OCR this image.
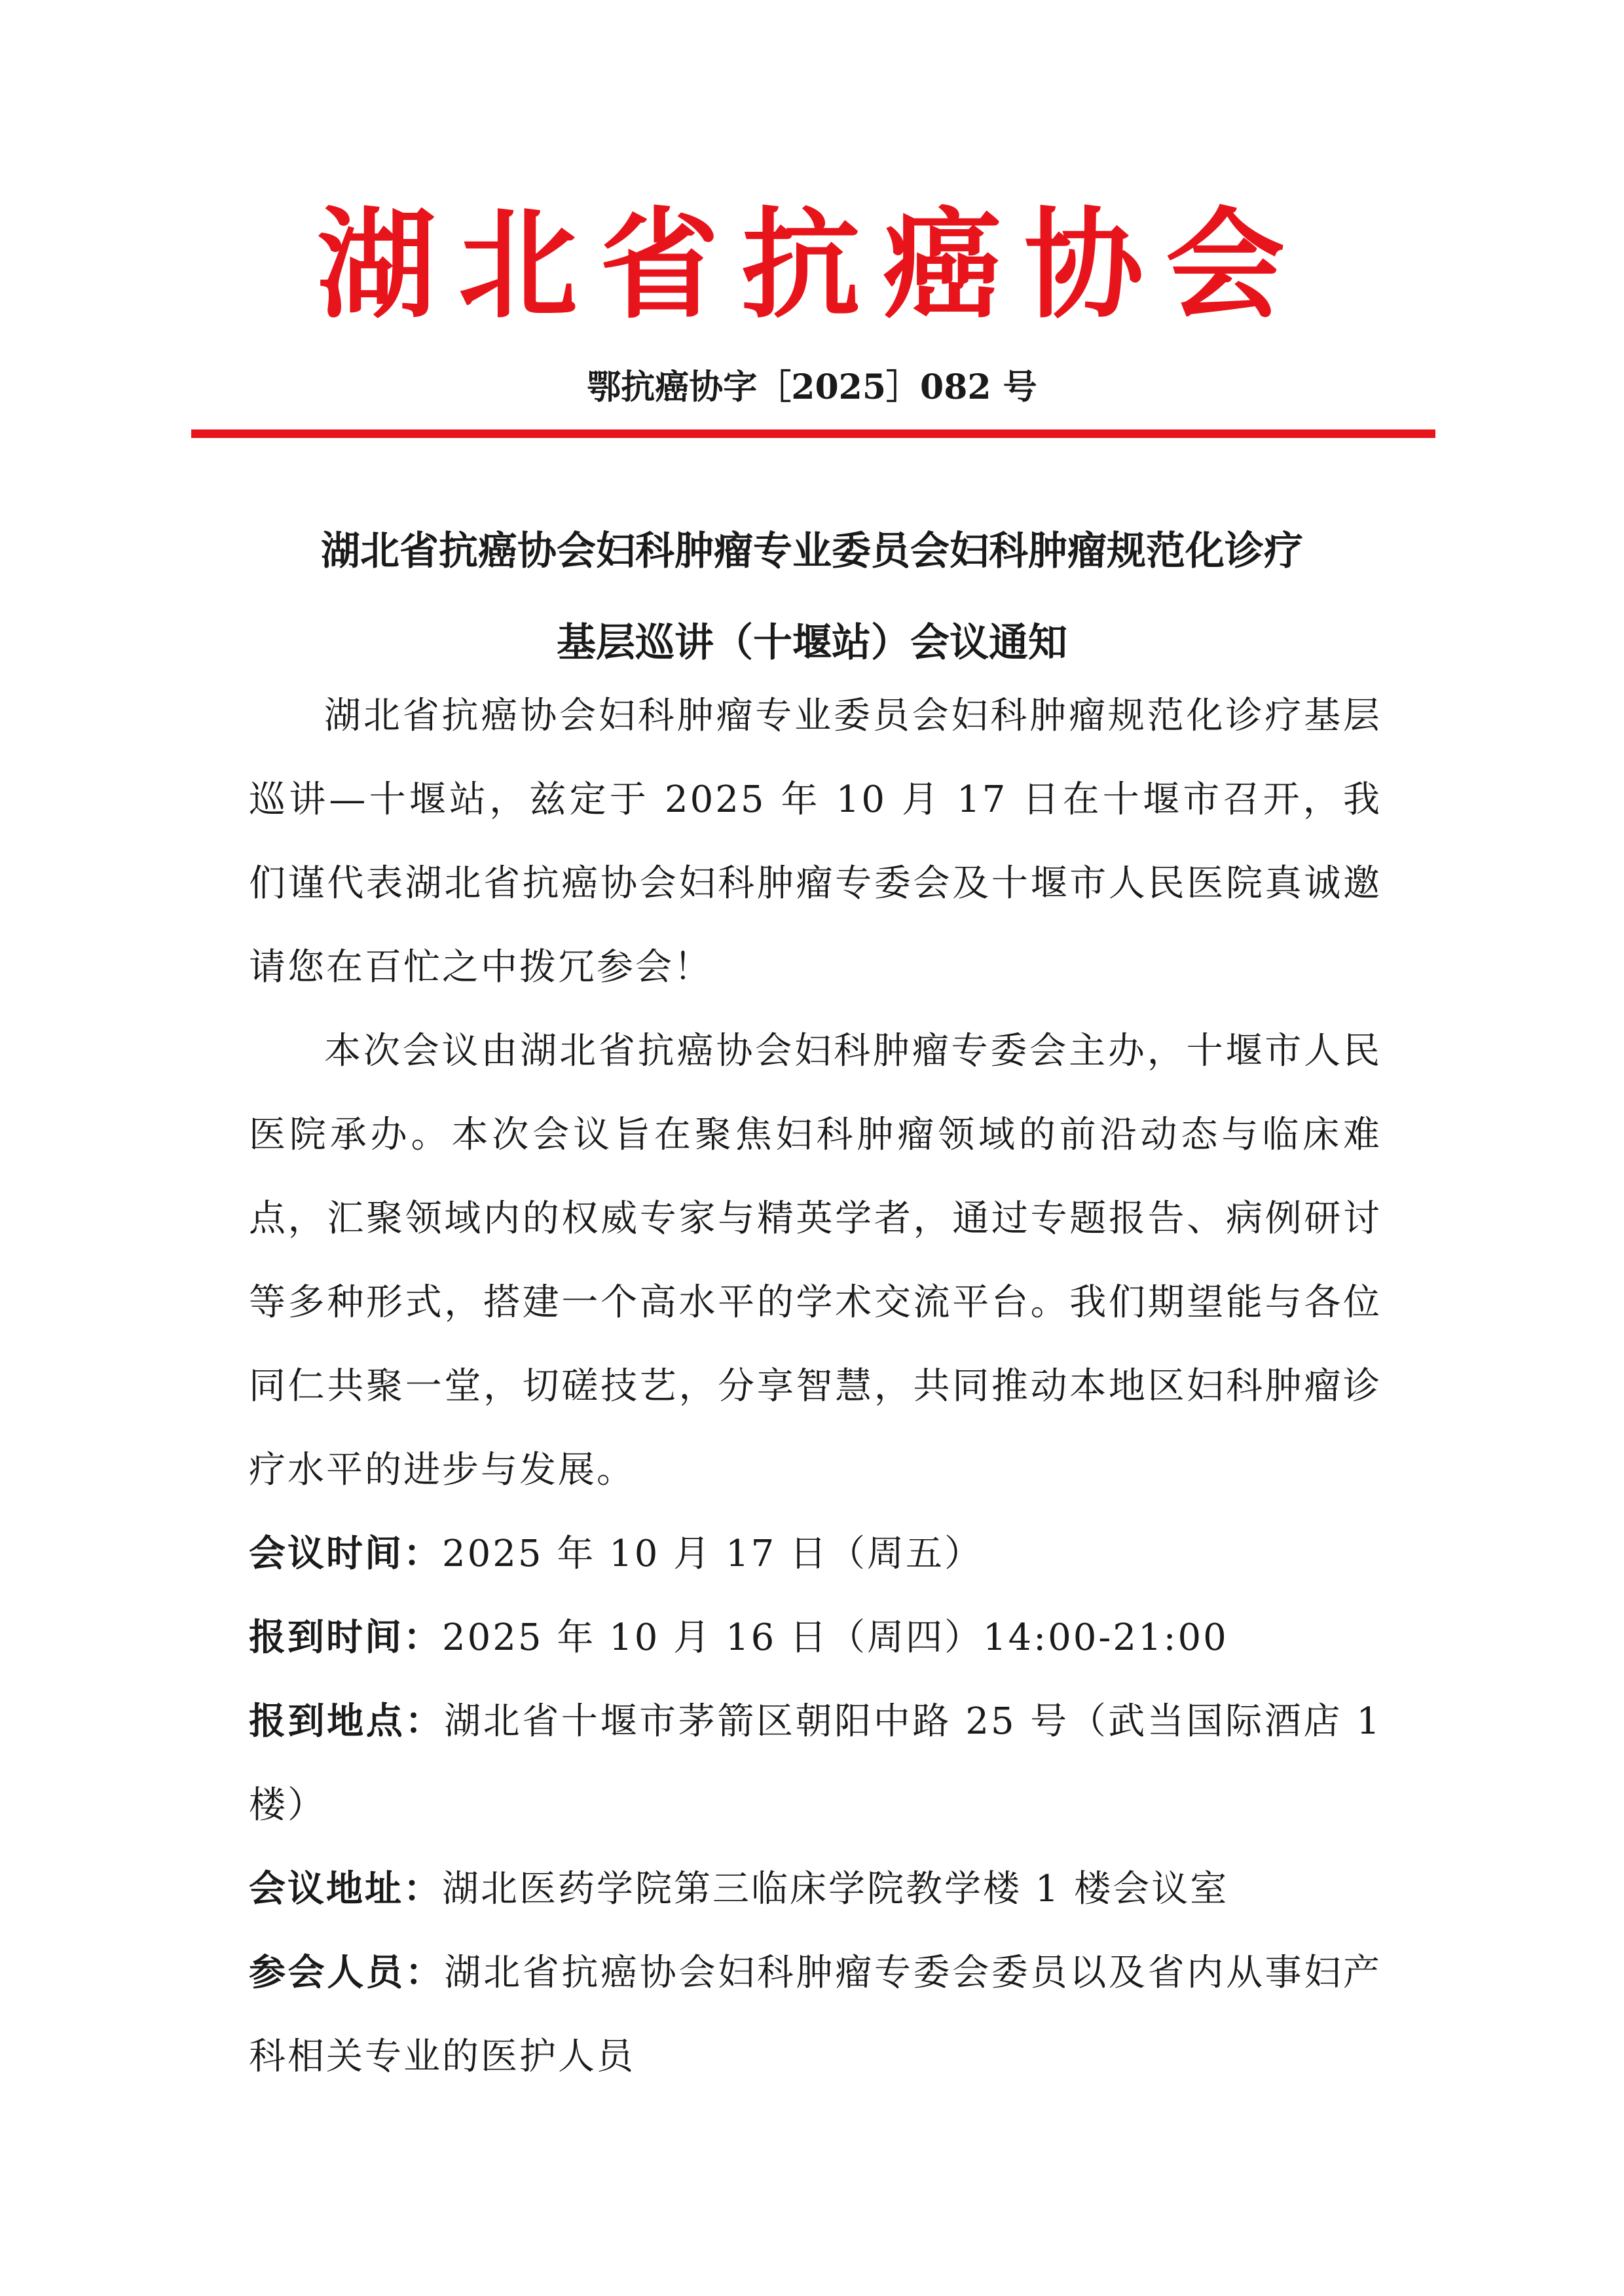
湖北省抗癌协会
鄂抗癌协字［2025］082 号
湖北省抗癌协会妇科肿瘤专业委员会妇科肿瘤规范化诊疗
基层巡讲（十堰站）会议通知

湖北省抗癌协会妇科肿瘤专业委员会妇科肿瘤规范化诊疗基层巡讲—十堰站，兹定于 2025 年 10 月 17 日在十堰市召开，我们谨代表湖北省抗癌协会妇科肿瘤专委会及十堰市人民医院真诚邀请您在百忙之中拨冗参会！

本次会议由湖北省抗癌协会妇科肿瘤专委会主办，十堰市人民医院承办。本次会议旨在聚焦妇科肿瘤领域的前沿动态与临床难点，汇聚领域内的权威专家与精英学者，通过专题报告、病例研讨等多种形式，搭建一个高水平的学术交流平台。我们期望能与各位同仁共聚一堂，切磋技艺，分享智慧，共同推动本地区妇科肿瘤诊疗水平的进步与发展。

会议时间：2025 年 10 月 17 日（周五）

报到时间：2025 年 10 月 16 日（周四）14:00-21:00

报到地点：湖北省十堰市茅箭区朝阳中路 25 号（武当国际酒店 1 楼）

会议地址：湖北医药学院第三临床学院教学楼 1 楼会议室

参会人员：湖北省抗癌协会妇科肿瘤专委会委员以及省内从事妇产科相关专业的医护人员
